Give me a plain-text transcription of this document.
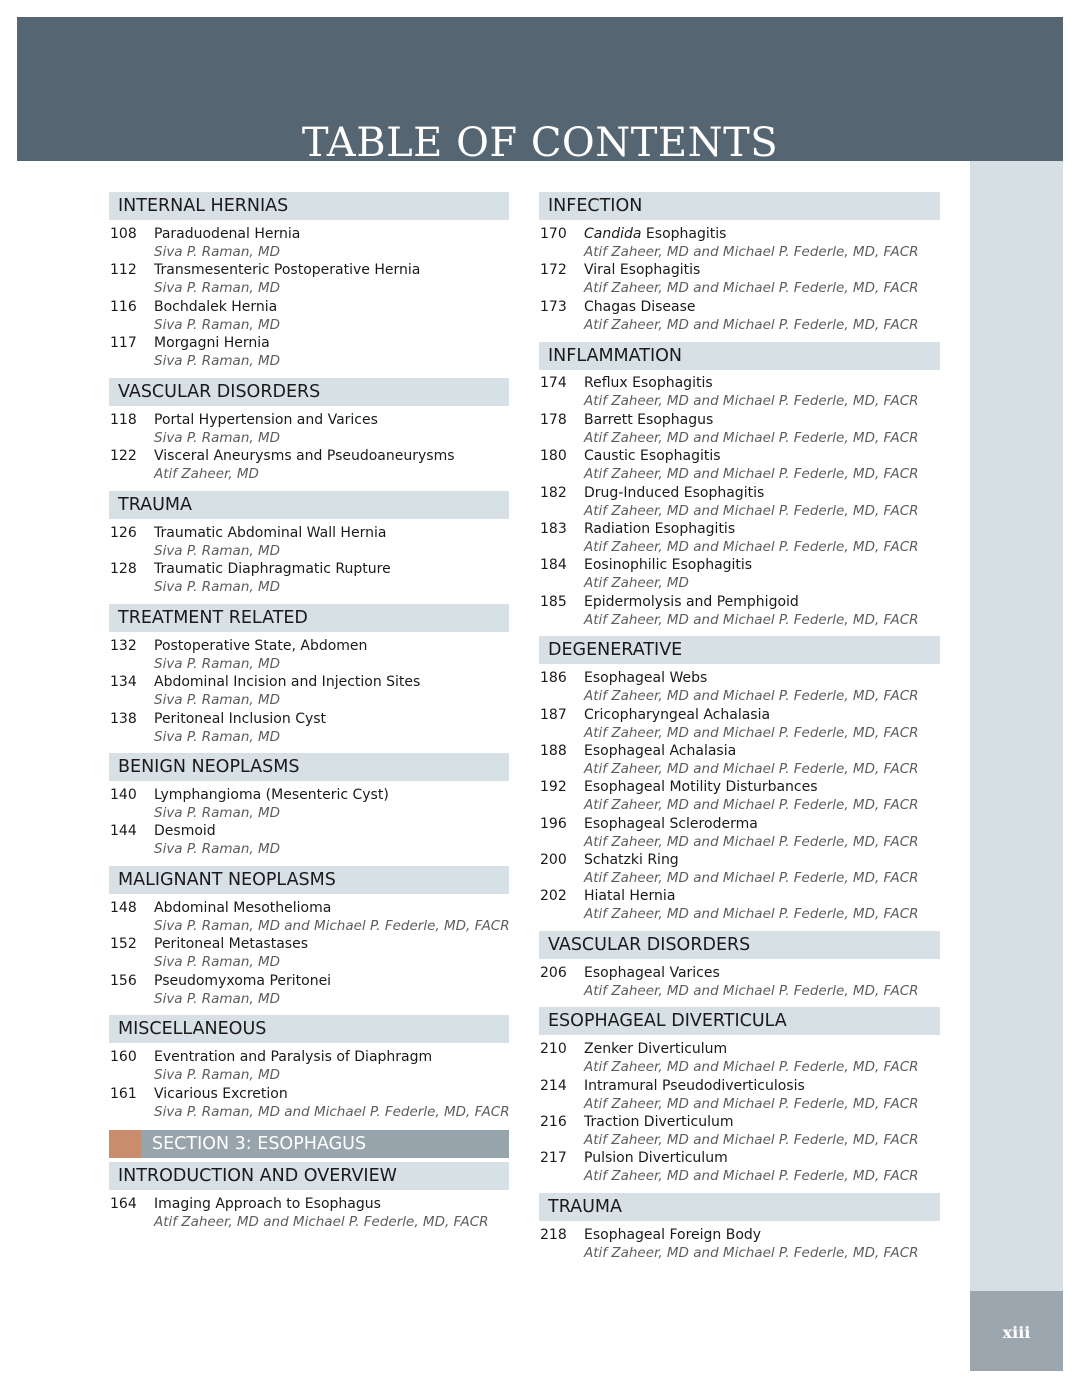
TABLE OF CONTENTS
xiii
INTERNAL HERNIAS
108 Paraduodenal Hernia
Siva P. Raman, MD
112 Transmesenteric Postoperative Hernia
Siva P. Raman, MD
116 Bochdalek Hernia
Siva P. Raman, MD
117 Morgagni Hernia
Siva P. Raman, MD
VASCULAR DISORDERS
118 Portal Hypertension and Varices
Siva P. Raman, MD
122 Visceral Aneurysms and Pseudoaneurysms
Atif Zaheer, MD
TRAUMA
126 Traumatic Abdominal Wall Hernia
Siva P. Raman, MD
128 Traumatic Diaphragmatic Rupture
Siva P. Raman, MD
TREATMENT RELATED
132 Postoperative State, Abdomen
Siva P. Raman, MD
134 Abdominal Incision and Injection Sites
Siva P. Raman, MD
138 Peritoneal Inclusion Cyst
Siva P. Raman, MD
BENIGN NEOPLASMS
140 Lymphangioma (Mesenteric Cyst)
Siva P. Raman, MD
144 Desmoid
Siva P. Raman, MD
MALIGNANT NEOPLASMS
148 Abdominal Mesothelioma
Siva P. Raman, MD and Michael P. Federle, MD, FACR
152 Peritoneal Metastases
Siva P. Raman, MD
156 Pseudomyxoma Peritonei
Siva P. Raman, MD
MISCELLANEOUS
160 Eventration and Paralysis of Diaphragm
Siva P. Raman, MD
161 Vicarious Excretion
Siva P. Raman, MD and Michael P. Federle, MD, FACR
SECTION 3: ESOPHAGUS
INTRODUCTION AND OVERVIEW
164 Imaging Approach to Esophagus
Atif Zaheer, MD and Michael P. Federle, MD, FACR
INFECTION
170 Candida Esophagitis
Atif Zaheer, MD and Michael P. Federle, MD, FACR
172 Viral Esophagitis
Atif Zaheer, MD and Michael P. Federle, MD, FACR
173 Chagas Disease
Atif Zaheer, MD and Michael P. Federle, MD, FACR
INFLAMMATION
174 Reflux Esophagitis
Atif Zaheer, MD and Michael P. Federle, MD, FACR
178 Barrett Esophagus
Atif Zaheer, MD and Michael P. Federle, MD, FACR
180 Caustic Esophagitis
Atif Zaheer, MD and Michael P. Federle, MD, FACR
182 Drug-Induced Esophagitis
Atif Zaheer, MD and Michael P. Federle, MD, FACR
183 Radiation Esophagitis
Atif Zaheer, MD and Michael P. Federle, MD, FACR
184 Eosinophilic Esophagitis
Atif Zaheer, MD
185 Epidermolysis and Pemphigoid
Atif Zaheer, MD and Michael P. Federle, MD, FACR
DEGENERATIVE
186 Esophageal Webs
Atif Zaheer, MD and Michael P. Federle, MD, FACR
187 Cricopharyngeal Achalasia
Atif Zaheer, MD and Michael P. Federle, MD, FACR
188 Esophageal Achalasia
Atif Zaheer, MD and Michael P. Federle, MD, FACR
192 Esophageal Motility Disturbances
Atif Zaheer, MD and Michael P. Federle, MD, FACR
196 Esophageal Scleroderma
Atif Zaheer, MD and Michael P. Federle, MD, FACR
200 Schatzki Ring
Atif Zaheer, MD and Michael P. Federle, MD, FACR
202 Hiatal Hernia
Atif Zaheer, MD and Michael P. Federle, MD, FACR
VASCULAR DISORDERS
206 Esophageal Varices
Atif Zaheer, MD and Michael P. Federle, MD, FACR
ESOPHAGEAL DIVERTICULA
210 Zenker Diverticulum
Atif Zaheer, MD and Michael P. Federle, MD, FACR
214 Intramural Pseudodiverticulosis
Atif Zaheer, MD and Michael P. Federle, MD, FACR
216 Traction Diverticulum
Atif Zaheer, MD and Michael P. Federle, MD, FACR
217 Pulsion Diverticulum
Atif Zaheer, MD and Michael P. Federle, MD, FACR
TRAUMA
218 Esophageal Foreign Body
Atif Zaheer, MD and Michael P. Federle, MD, FACR
